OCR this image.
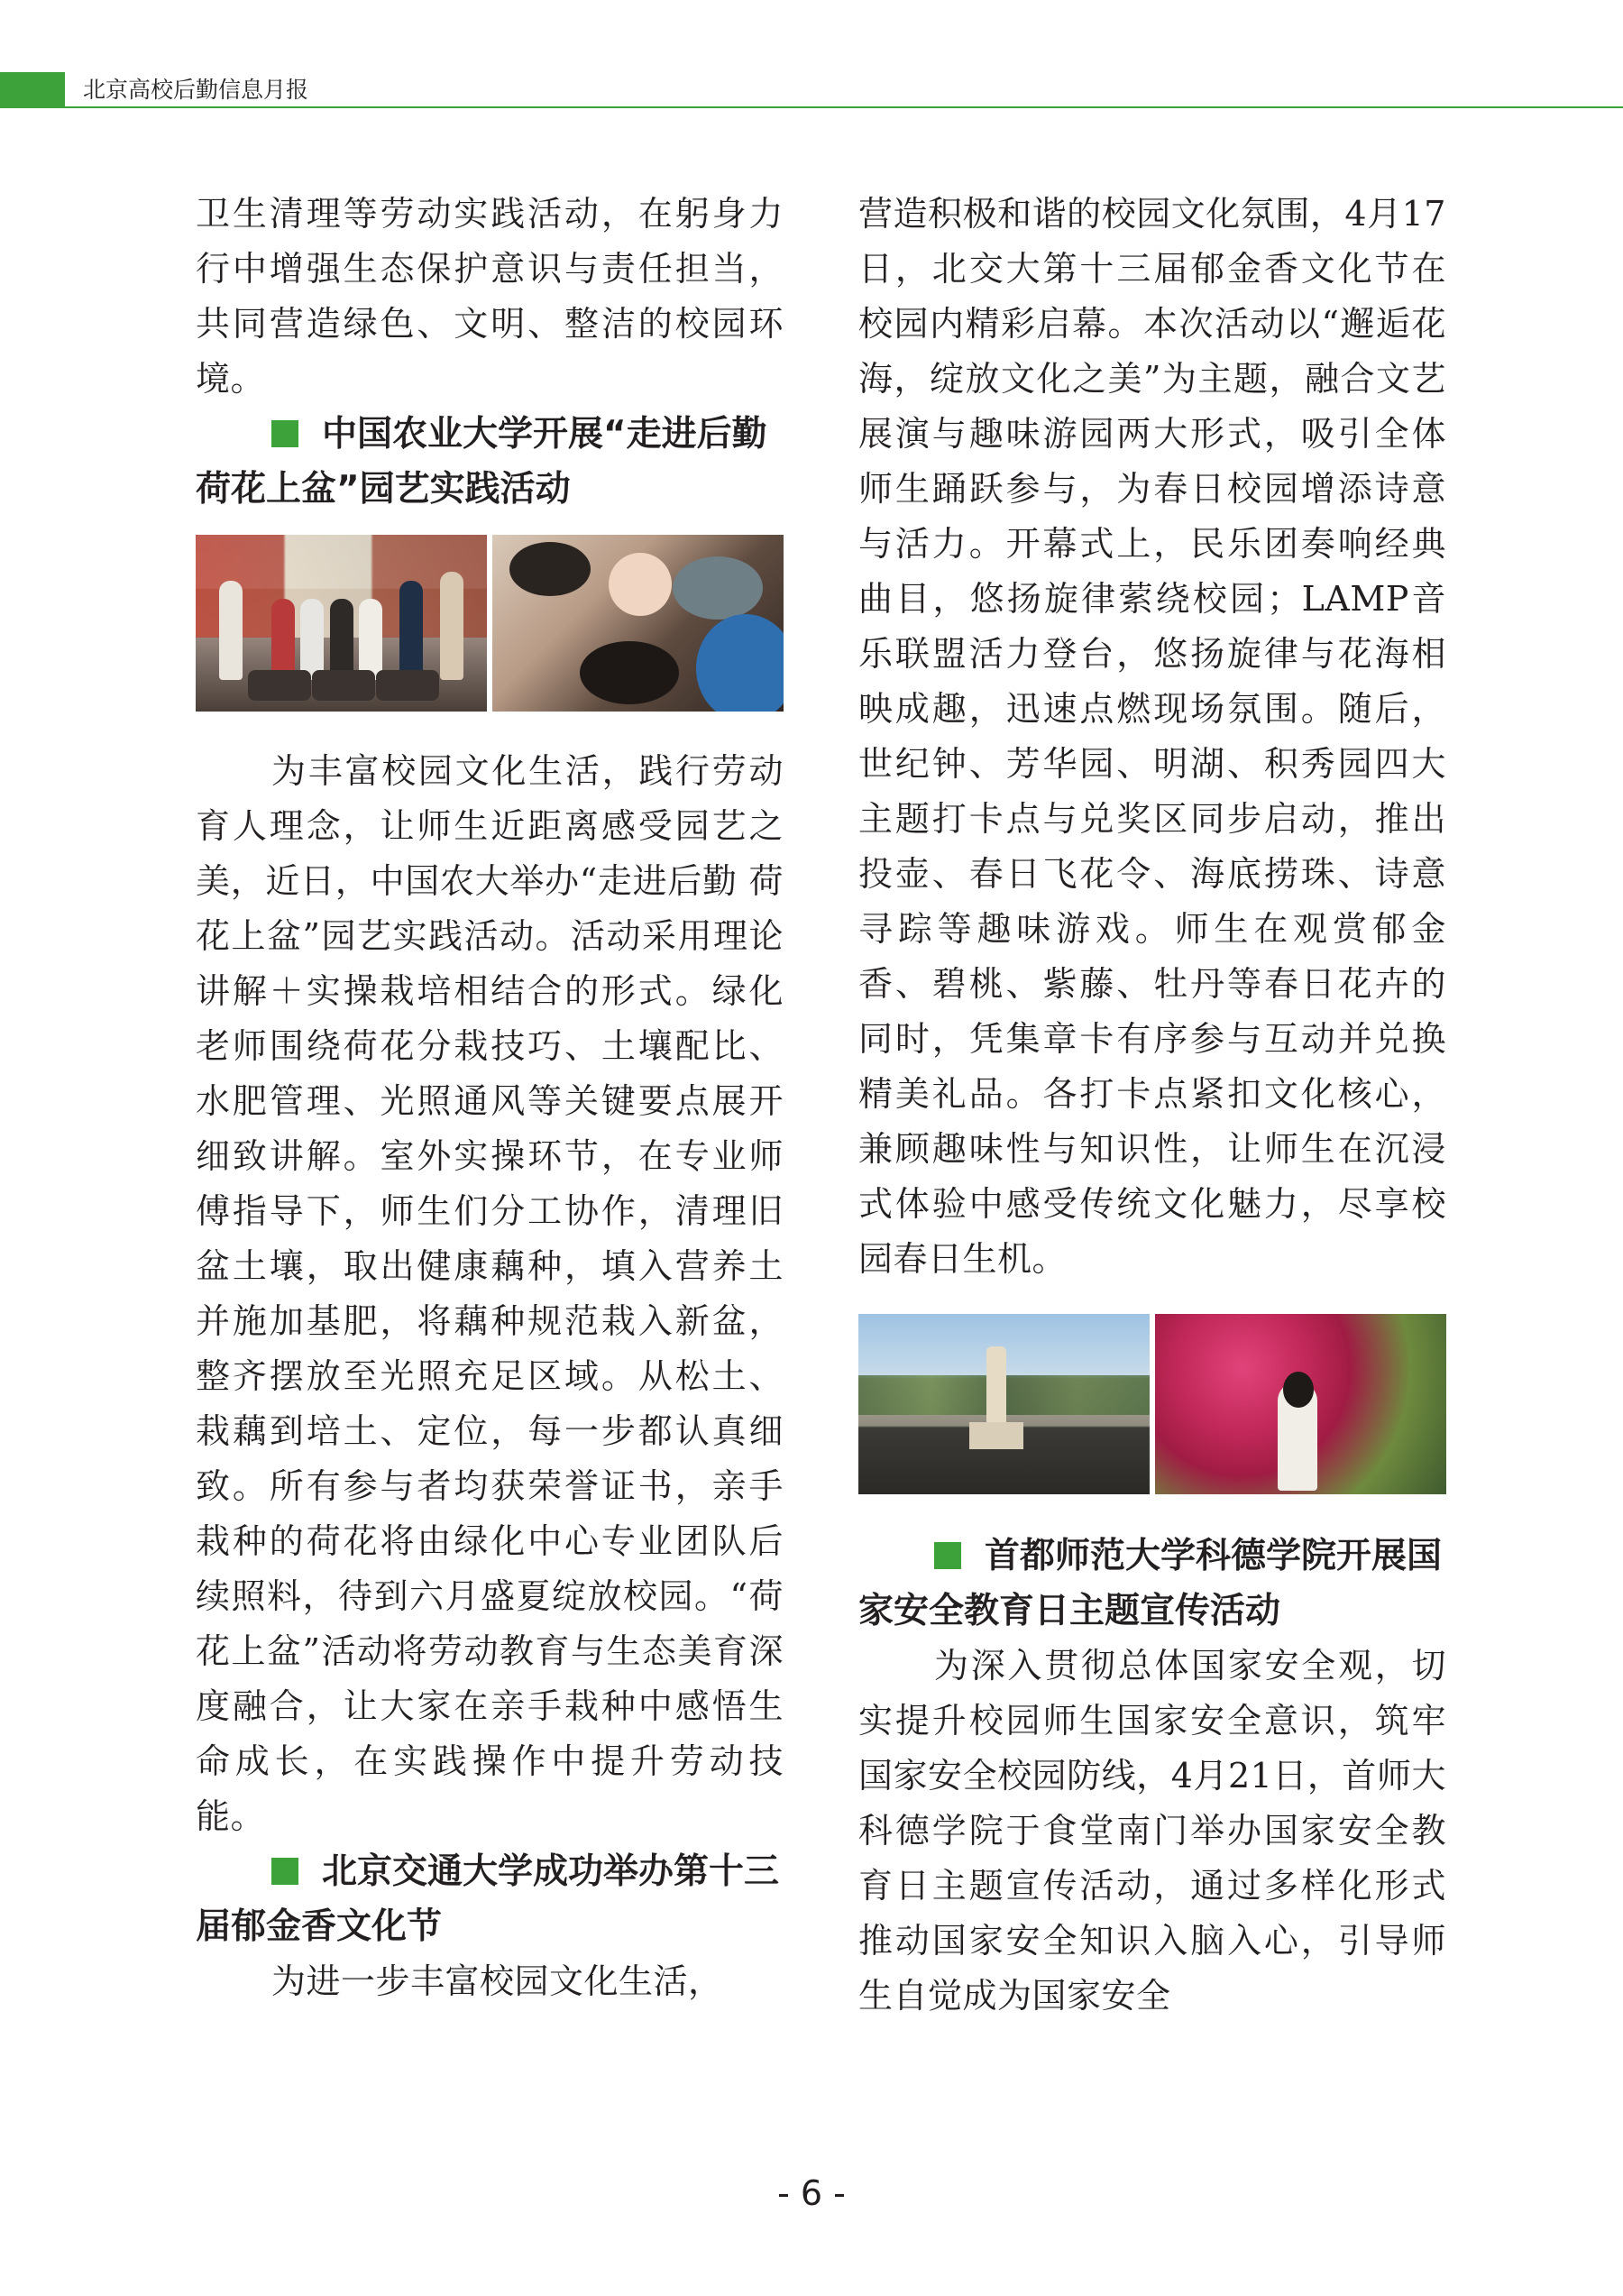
北京高校后勤信息月报

卫生清理等劳动实践活动，在躬身力行中增强生态保护意识与责任担当，共同营造绿色、文明、整洁的校园环境。

中国农业大学开展“走进后勤 荷花上盆”园艺实践活动

为丰富校园文化生活，践行劳动育人理念，让师生近距离感受园艺之美，近日，中国农大举办“走进后勤 荷花上盆”园艺实践活动。活动采用理论讲解＋实操栽培相结合的形式。绿化老师围绕荷花分栽技巧、土壤配比、水肥管理、光照通风等关键要点展开细致讲解。室外实操环节，在专业师傅指导下，师生们分工协作，清理旧盆土壤，取出健康藕种，填入营养土并施加基肥，将藕种规范栽入新盆，整齐摆放至光照充足区域。从松土、栽藕到培土、定位，每一步都认真细致。所有参与者均获荣誉证书，亲手栽种的荷花将由绿化中心专业团队后续照料，待到六月盛夏绽放校园。“荷花上盆”活动将劳动教育与生态美育深度融合，让大家在亲手栽种中感悟生命成长，在实践操作中提升劳动技能。

北京交通大学成功举办第十三届郁金香文化节

为进一步丰富校园文化生活，

营造积极和谐的校园文化氛围，4月17日，北交大第十三届郁金香文化节在校园内精彩启幕。本次活动以“邂逅花海，绽放文化之美”为主题，融合文艺展演与趣味游园两大形式，吸引全体师生踊跃参与，为春日校园增添诗意与活力。开幕式上，民乐团奏响经典曲目，悠扬旋律萦绕校园；LAMP音乐联盟活力登台，悠扬旋律与花海相映成趣，迅速点燃现场氛围。随后，世纪钟、芳华园、明湖、积秀园四大主题打卡点与兑奖区同步启动，推出投壶、春日飞花令、海底捞珠、诗意寻踪等趣味游戏。师生在观赏郁金香、碧桃、紫藤、牡丹等春日花卉的同时，凭集章卡有序参与互动并兑换精美礼品。各打卡点紧扣文化核心，兼顾趣味性与知识性，让师生在沉浸式体验中感受传统文化魅力，尽享校园春日生机。

首都师范大学科德学院开展国家安全教育日主题宣传活动

为深入贯彻总体国家安全观，切实提升校园师生国家安全意识，筑牢国家安全校园防线，4月21日，首师大科德学院于食堂南门举办国家安全教育日主题宣传活动，通过多样化形式推动国家安全知识入脑入心，引导师生自觉成为国家安全

- 6 -
